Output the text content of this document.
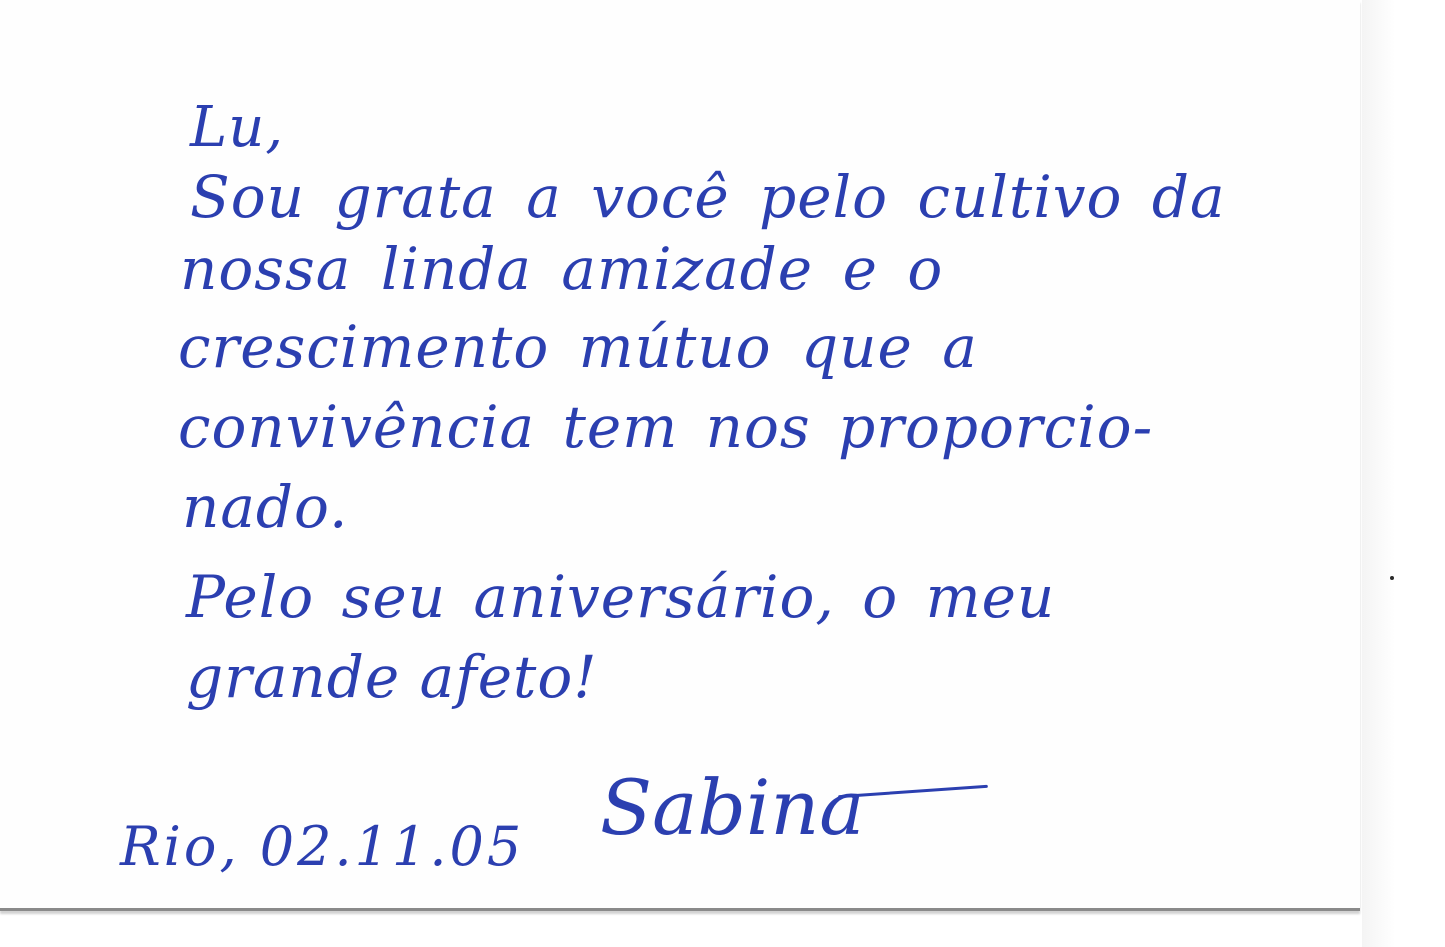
Lu,
Sou grata a você pelo cultivo da
nossa linda amizade e o
crescimento mútuo que a
convivência tem nos proporcio-
nado.
Pelo seu aniversário, o meu
grande afeto!
Rio, 02.11.05 Sabina
